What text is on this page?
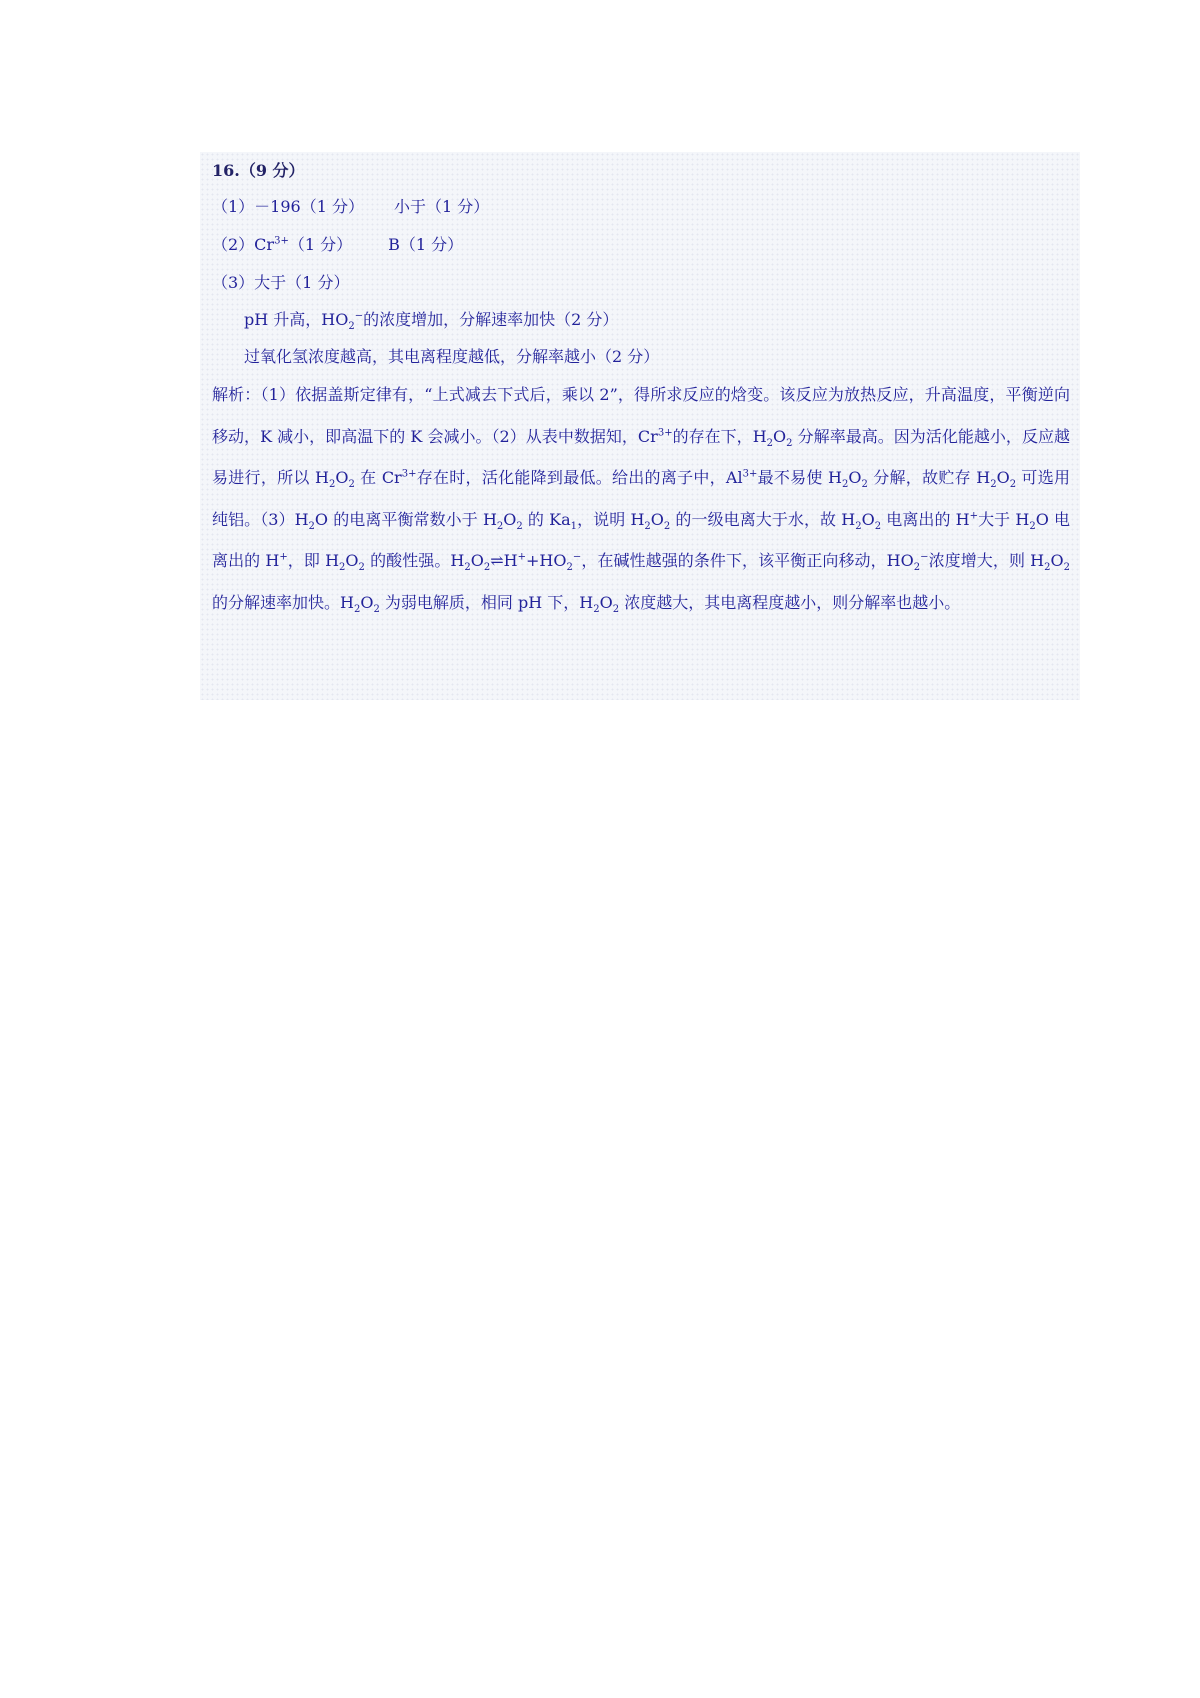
16.（9 分）
（1）－196（1 分） 小于（1 分）
$(2)Cr^{3+}(1$ 分） B（1 分）
（3）大于（1 分）
pH 升高，$HO_2^-$的浓度增加，分解速率加快（2 分）
过氧化氢浓度越高，其电离程度越低，分解率越小（2 分）
解析：（1）依据盖斯定律有，“上式减去下式后，乘以 2”，得所求反应的焓变。该反应为放热反应，升高温度，平衡逆向移动，K 减小，即高温下的 K 会减小。（2）从表中数据知，$Cr^{3+}$的存在下，$H_2O_2$ 分解率最高。因为活化能越小，反应越易进行，所以 $H_2O_2$ 在 $Cr^{3+}$存在时，活化能降到最低。给出的离子中，$Al^{3+}$最不易使 $H_2O_2$ 分解，故贮存 $H_2O_2$ 可选用纯铝。$(3)H_2O$ 的电离平衡常数小于 $H_2O_2$ 的 $Ka_1$，说明 $H_2O_2$ 的一级电离大于水，故 $H_2O_2$ 电离出的 H+大于 $H_2O$ 电离出的 H+，即 $H_2O_2$ 的酸性强。$H_2O_2\rightleftharpoons H^++HO_2^-$，在碱性越强的条件下，该平衡正向移动，$HO_2^-$浓度增大，则 $H_2O_2$ 的分解速率加快。$H_2O_2$ 为弱电解质，相同 pH 下，$H_2O_2$ 浓度越大，其电离程度越小，则分解率也越小。
